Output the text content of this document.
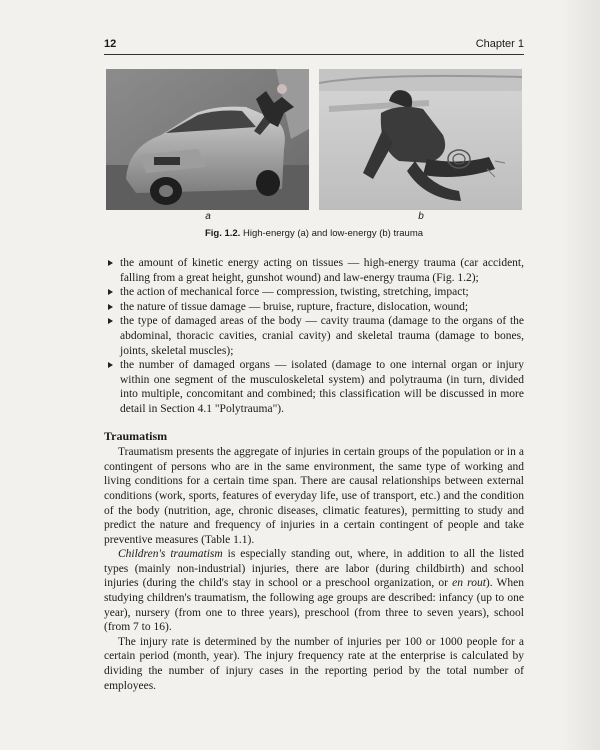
12	Chapter 1
a	b
Fig. 1.2. High-energy (a) and low-energy (b) trauma
the amount of kinetic energy acting on tissues — high-energy trauma (car accident, falling from a great height, gunshot wound) and law-energy trauma (Fig. 1.2);
the action of mechanical force — compression, twisting, stretching, impact;
the nature of tissue damage — bruise, rupture, fracture, dislocation, wound;
the type of damaged areas of the body — cavity trauma (damage to the organs of the abdominal, thoracic cavities, cranial cavity) and skeletal trauma (damage to bones, joints, skeletal muscles);
the number of damaged organs — isolated (damage to one internal organ or injury within one segment of the musculoskeletal system) and polytrauma (in turn, divided into multiple, concomitant and combined; this classification will be discussed in more detail in Section 4.1 "Polytrauma").
Traumatism

Traumatism presents the aggregate of injuries in certain groups of the population or in a contingent of persons who are in the same environment, the same type of working and living conditions for a certain time span. There are causal relationships between external conditions (work, sports, features of everyday life, use of transport, etc.) and the condition of the body (nutrition, age, chronic diseases, climatic features), permitting to study and predict the nature and frequency of injuries in a certain contingent of people and take preventive measures (Table 1.1).

Children's traumatism is especially standing out, where, in addition to all the listed types (mainly non-industrial) injuries, there are labor (during childbirth) and school injuries (during the child's stay in school or a preschool organization, or en rout). When studying children's traumatism, the following age groups are described: infancy (up to one year), nursery (from one to three years), preschool (from three to seven years), school (from 7 to 16).

The injury rate is determined by the number of injuries per 100 or 1000 people for a certain period (month, year). The injury frequency rate at the enterprise is calculated by dividing the number of injury cases in the reporting period by the total number of employees.
